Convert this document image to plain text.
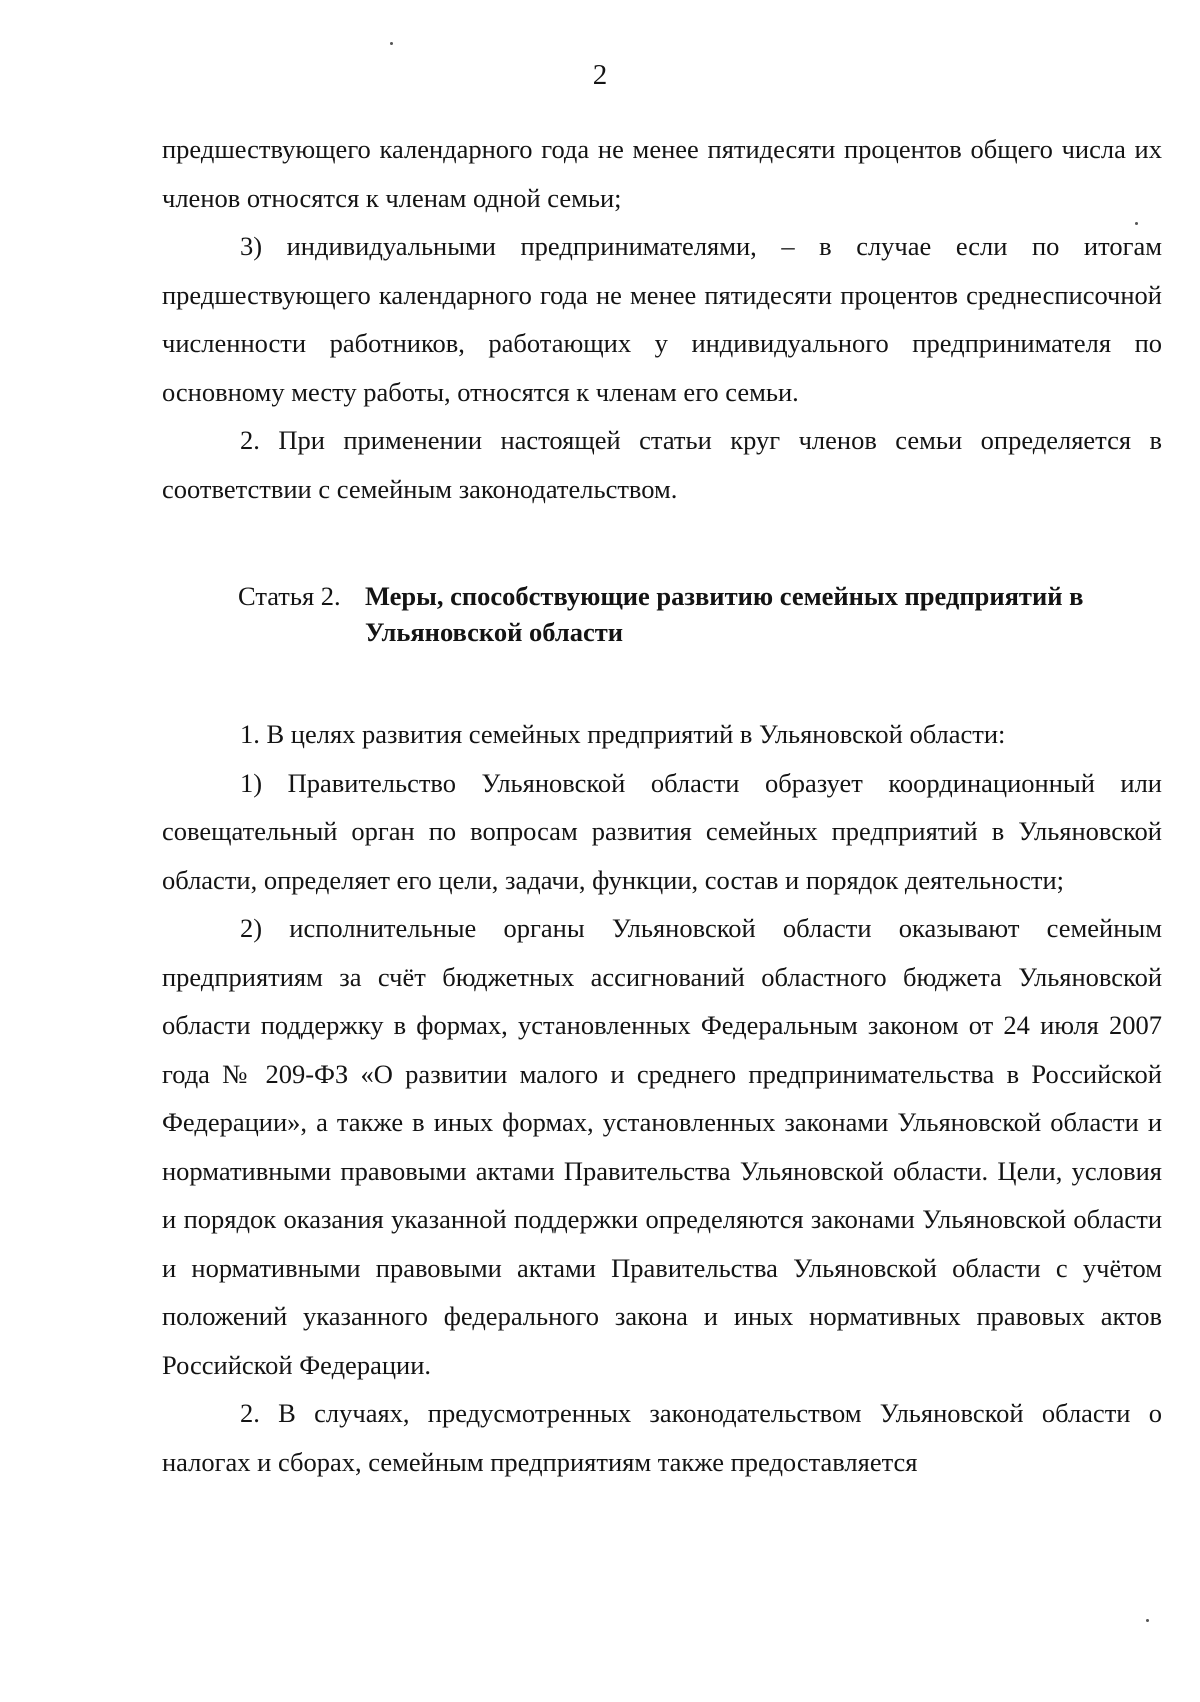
2

предшествующего календарного года не менее пятидесяти процентов общего числа их членов относятся к членам одной семьи;

3) индивидуальными предпринимателями, – в случае если по итогам предшествующего календарного года не менее пятидесяти процентов среднесписочной численности работников, работающих у индивидуального предпринимателя по основному месту работы, относятся к членам его семьи.

2. При применении настоящей статьи круг членов семьи определяется в соответствии с семейным законодательством.

Статья 2. Меры, способствующие развитию семейных предприятий в Ульяновской области

1. В целях развития семейных предприятий в Ульяновской области:

1) Правительство Ульяновской области образует координационный или совещательный орган по вопросам развития семейных предприятий в Ульяновской области, определяет его цели, задачи, функции, состав и порядок деятельности;

2) исполнительные органы Ульяновской области оказывают семейным предприятиям за счёт бюджетных ассигнований областного бюджета Ульяновской области поддержку в формах, установленных Федеральным законом от 24 июля 2007 года № 209-ФЗ «О развитии малого и среднего предпринимательства в Российской Федерации», а также в иных формах, установленных законами Ульяновской области и нормативными правовыми актами Правительства Ульяновской области. Цели, условия и порядок оказания указанной поддержки определяются законами Ульяновской области и нормативными правовыми актами Правительства Ульяновской области с учётом положений указанного федерального закона и иных нормативных правовых актов Российской Федерации.

2. В случаях, предусмотренных законодательством Ульяновской области о налогах и сборах, семейным предприятиям также предоставляется
